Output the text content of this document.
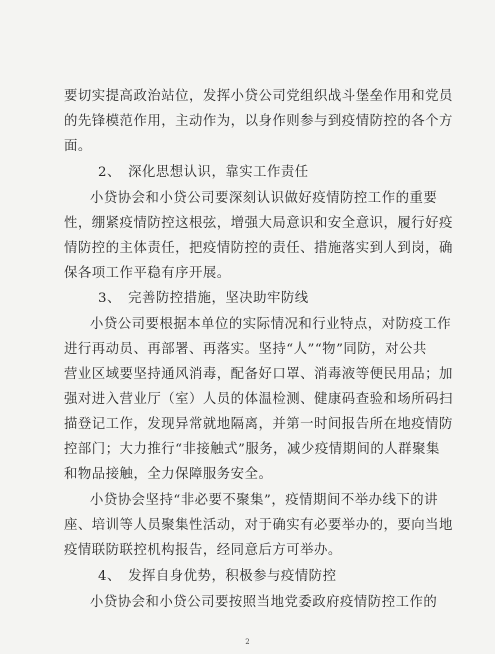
要切实提高政治站位，发挥小贷公司党组织战斗堡垒作用和党员
的先锋模范作用，主动作为，以身作则参与到疫情防控的各个方
面。
2、　深化思想认识，靠实工作责任
小贷协会和小贷公司要深刻认识做好疫情防控工作的重要
性，绷紧疫情防控这根弦，增强大局意识和安全意识，履行好疫
情防控的主体责任，把疫情防控的责任、措施落实到人到岗，确
保各项工作平稳有序开展。
3、　完善防控措施，坚决助牢防线
小贷公司要根据本单位的实际情况和行业特点，对防疫工作
进行再动员、再部署、再落实。坚持“人”“物”同防，对公共
营业区域要坚持通风消毒，配备好口罩、消毒液等便民用品；加
强对进入营业厅（室）人员的体温检测、健康码查验和场所码扫
描登记工作，发现异常就地隔离，并第一时间报告所在地疫情防
控部门；大力推行“非接触式”服务，减少疫情期间的人群聚集
和物品接触，全力保障服务安全。
小贷协会坚持“非必要不聚集”，疫情期间不举办线下的讲
座、培训等人员聚集性活动，对于确实有必要举办的，要向当地
疫情联防联控机构报告，经同意后方可举办。
4、　发挥自身优势，积极参与疫情防控
小贷协会和小贷公司要按照当地党委政府疫情防控工作的
2
